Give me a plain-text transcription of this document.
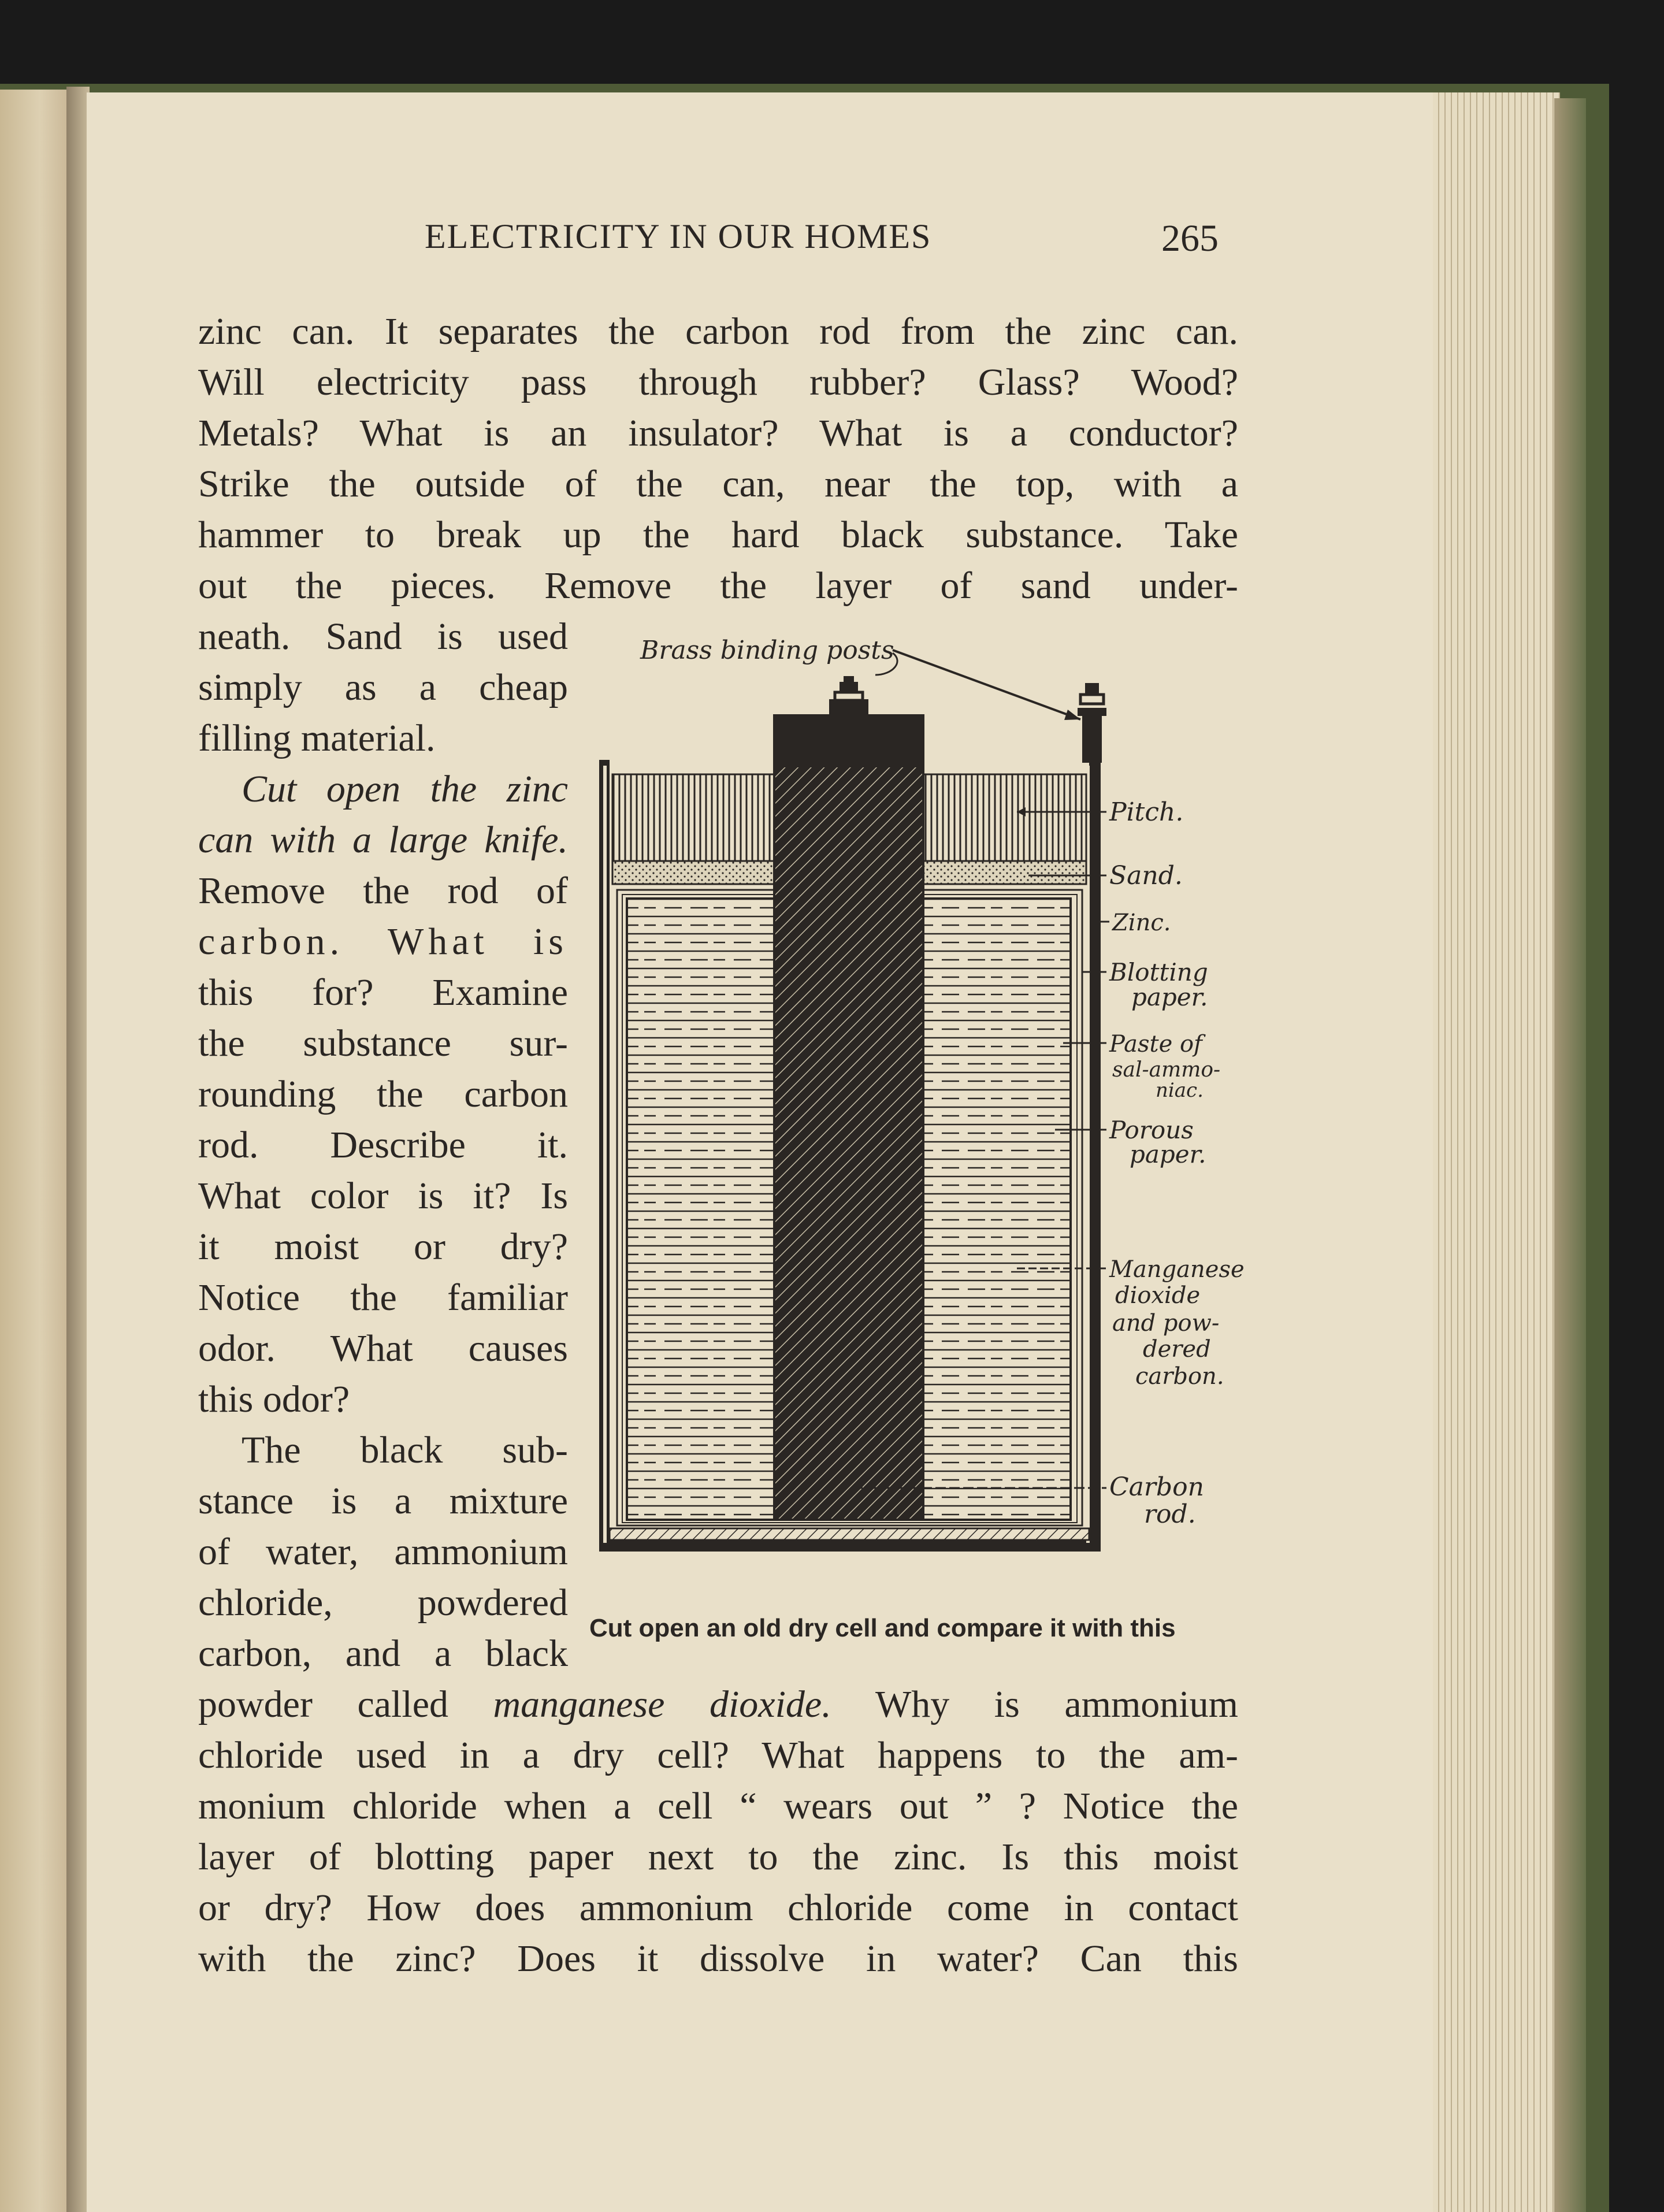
ELECTRICITY IN OUR HOMES	265
zinc can. It separates the carbon rod from the zinc can.
Will electricity pass through rubber? Glass? Wood?
Metals? What is an insulator? What is a conductor?
Strike the outside of the can, near the top, with a
hammer to break up the hard black substance. Take
out the pieces. Remove the layer of sand under-
neath. Sand is used
simply as a cheap
filling material.
Cut open the zinc
can with a large knife.
Remove the rod of
carbon. What is
this for? Examine
the substance sur-
rounding the carbon
rod. Describe it.
What color is it? Is
it moist or dry?
Notice the familiar
odor. What causes
this odor?
The black sub-
stance is a mixture
of water, ammonium
chloride, powdered
carbon, and a black
powder called manganese dioxide. Why is ammonium
chloride used in a dry cell? What happens to the am-
monium chloride when a cell “ wears out ” ? Notice the
layer of blotting paper next to the zinc. Is this moist
or dry? How does ammonium chloride come in contact
with the zinc? Does it dissolve in water? Can this
Brass binding posts
Pitch.
Sand.
Zinc.
Blotting
paper.
Paste of
sal-ammo-
niac.
Porous
paper.
Manganese
dioxide
and pow-
dered
carbon.
Carbon
rod.
Cut open an old dry cell and compare it with this
